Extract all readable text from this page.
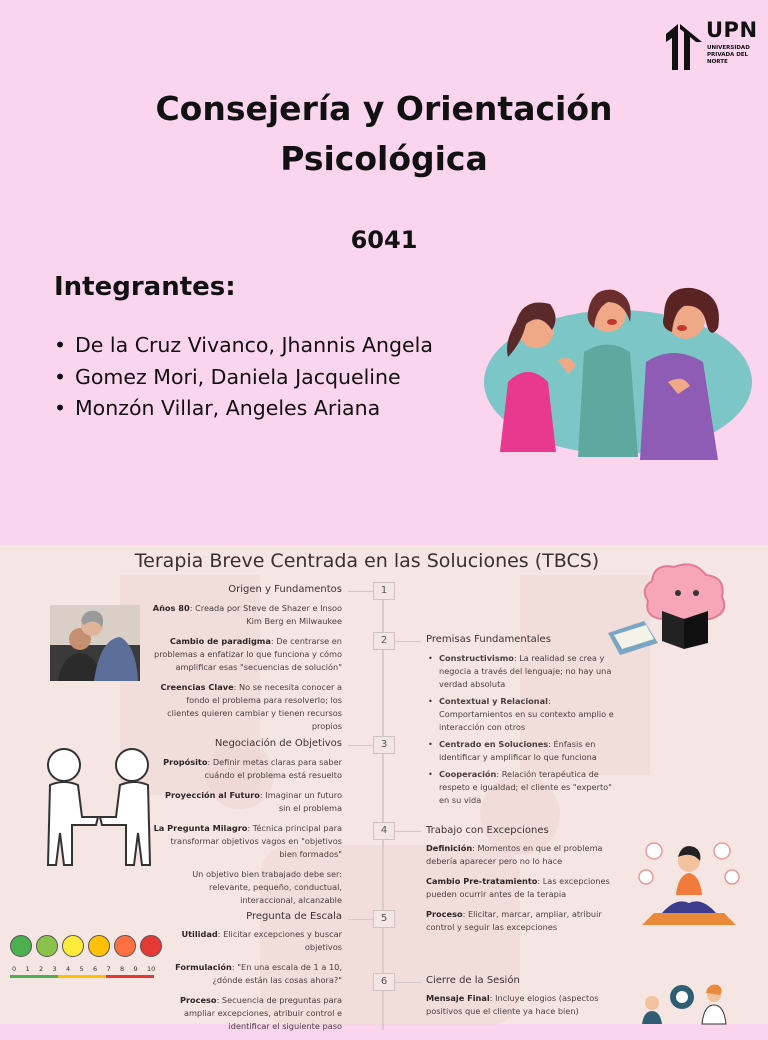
UPN
UNIVERSIDAD PRIVADA DEL NORTE
Consejería y Orientación
Psicológica
6041
Integrantes:
• De la Cruz Vivanco, Jhannis Angela
• Gomez Mori, Daniela Jacqueline
• Monzón Villar, Angeles Ariana
Terapia Breve Centrada en las Soluciones (TBCS)
1
2
3
4
5
6
Origen y Fundamentos
Años 80: Creada por Steve de Shazer e Insoo Kim Berg en Milwaukee
Cambio de paradigma: De centrarse en problemas a enfatizar lo que funciona y cómo amplificar esas "secuencias de solución"
Creencias Clave: No se necesita conocer a fondo el problema para resolverlo; los clientes quieren cambiar y tienen recursos propios
Premisas Fundamentales
• Constructivismo: La realidad se crea y negocia a través del lenguaje; no hay una verdad absoluta
• Contextual y Relacional: Comportamientos en su contexto amplio e interacción con otros
• Centrado en Soluciones: Énfasis en identificar y amplificar lo que funciona
• Cooperación: Relación terapéutica de respeto e igualdad; el cliente es "experto" en su vida
Negociación de Objetivos
Propósito: Definir metas claras para saber cuándo el problema está resuelto
Proyección al Futuro: Imaginar un futuro sin el problema
La Pregunta Milagro: Técnica principal para transformar objetivos vagos en "objetivos bien formados"
Un objetivo bien trabajado debe ser: relevante, pequeño, conductual, interaccional, alcanzable
Trabajo con Excepciones
Definición: Momentos en que el problema debería aparecer pero no lo hace
Cambio Pre-tratamiento: Las excepciones pueden ocurrir antes de la terapia
Proceso: Elicitar, marcar, ampliar, atribuir control y seguir las excepciones
Pregunta de Escala
Utilidad: Elicitar excepciones y buscar objetivos
Formulación: "En una escala de 1 a 10, ¿dónde están las cosas ahora?"
Proceso: Secuencia de preguntas para ampliar excepciones, atribuir control e identificar el siguiente paso
Cierre de la Sesión
Mensaje Final: Incluye elogios (aspectos positivos que el cliente ya hace bien)
0 1 2 3 4 5 6 7 8 9 10
